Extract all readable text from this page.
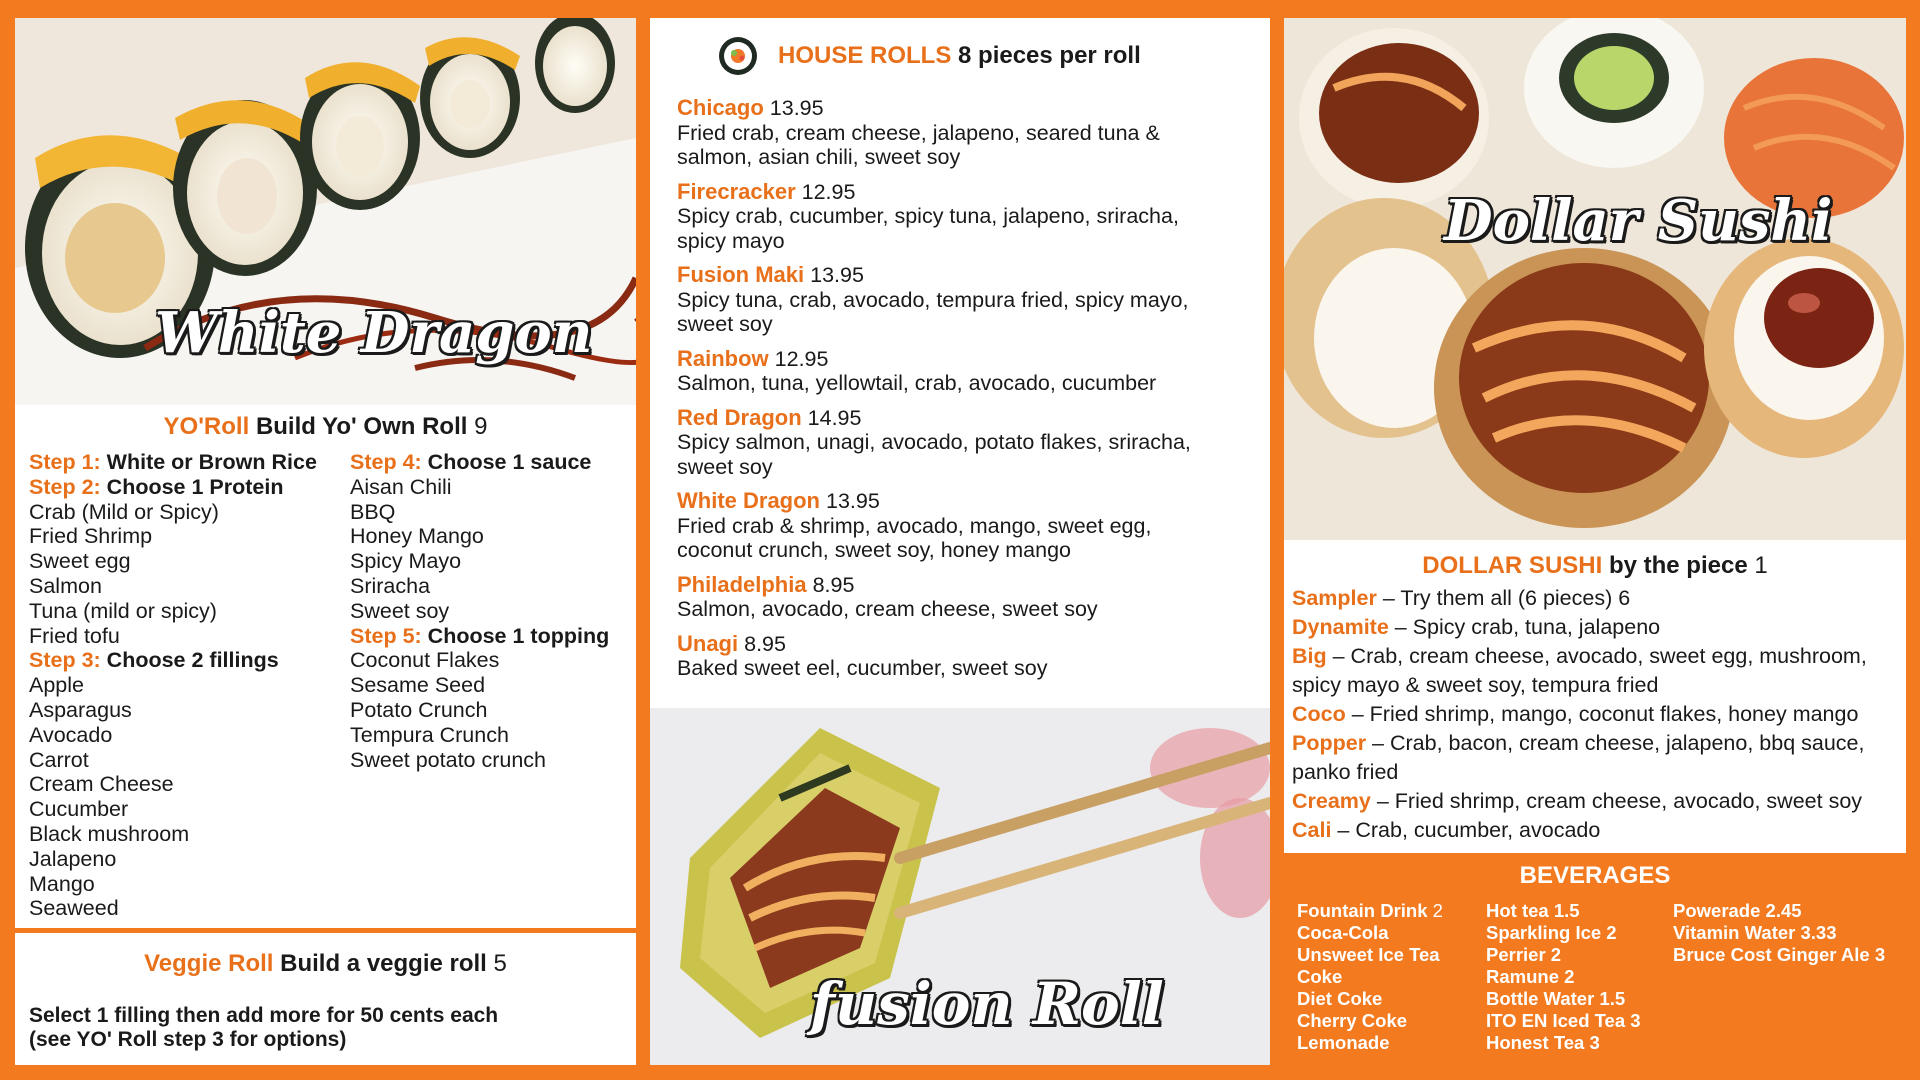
White Dragon
YO'Roll Build Yo' Own Roll 9
Step 1: White or Brown Rice
Step 2: Choose 1 Protein
Crab (Mild or Spicy)
Fried Shrimp
Sweet egg
Salmon
Tuna (mild or spicy)
Fried tofu
Step 3: Choose 2 fillings
Apple
Asparagus
Avocado
Carrot
Cream Cheese
Cucumber
Black mushroom
Jalapeno
Mango
Seaweed
Step 4: Choose 1 sauce
Aisan Chili
BBQ
Honey Mango
Spicy Mayo
Sriracha
Sweet soy
Step 5: Choose 1 topping
Coconut Flakes
Sesame Seed
Potato Crunch
Tempura Crunch
Sweet potato crunch
Veggie Roll Build a veggie roll 5
Select 1 filling then add more for 50 cents each
(see YO' Roll step 3 for options)
HOUSE ROLLS 8 pieces per roll
Chicago 13.95
Fried crab, cream cheese, jalapeno, seared tuna &
salmon, asian chili, sweet soy
Firecracker 12.95
Spicy crab, cucumber, spicy tuna, jalapeno, sriracha,
spicy mayo
Fusion Maki 13.95
Spicy tuna, crab, avocado, tempura fried, spicy mayo,
sweet soy
Rainbow 12.95
Salmon, tuna, yellowtail, crab, avocado, cucumber
Red Dragon 14.95
Spicy salmon, unagi, avocado, potato flakes, sriracha,
sweet soy
White Dragon 13.95
Fried crab & shrimp, avocado, mango, sweet egg,
coconut crunch, sweet soy, honey mango
Philadelphia 8.95
Salmon, avocado, cream cheese, sweet soy
Unagi 8.95
Baked sweet eel, cucumber, sweet soy
fusion Roll
Dollar Sushi
DOLLAR SUSHI by the piece 1
Sampler – Try them all (6 pieces) 6
Dynamite – Spicy crab, tuna, jalapeno
Big – Crab, cream cheese, avocado, sweet egg, mushroom, spicy mayo & sweet soy, tempura fried
Coco – Fried shrimp, mango, coconut flakes, honey mango
Popper – Crab, bacon, cream cheese, jalapeno, bbq sauce, panko fried
Creamy – Fried shrimp, cream cheese, avocado, sweet soy
Cali – Crab, cucumber, avocado
BEVERAGES
Fountain Drink 2
Coca-Cola
Unsweet Ice Tea
Coke
Diet Coke
Cherry Coke
Lemonade
Hot tea 1.5
Sparkling Ice 2
Perrier 2
Ramune 2
Bottle Water 1.5
ITO EN Iced Tea 3
Honest Tea 3
Poweradе 2.45
Vitamin Water 3.33
Bruce Cost Ginger Ale 3
